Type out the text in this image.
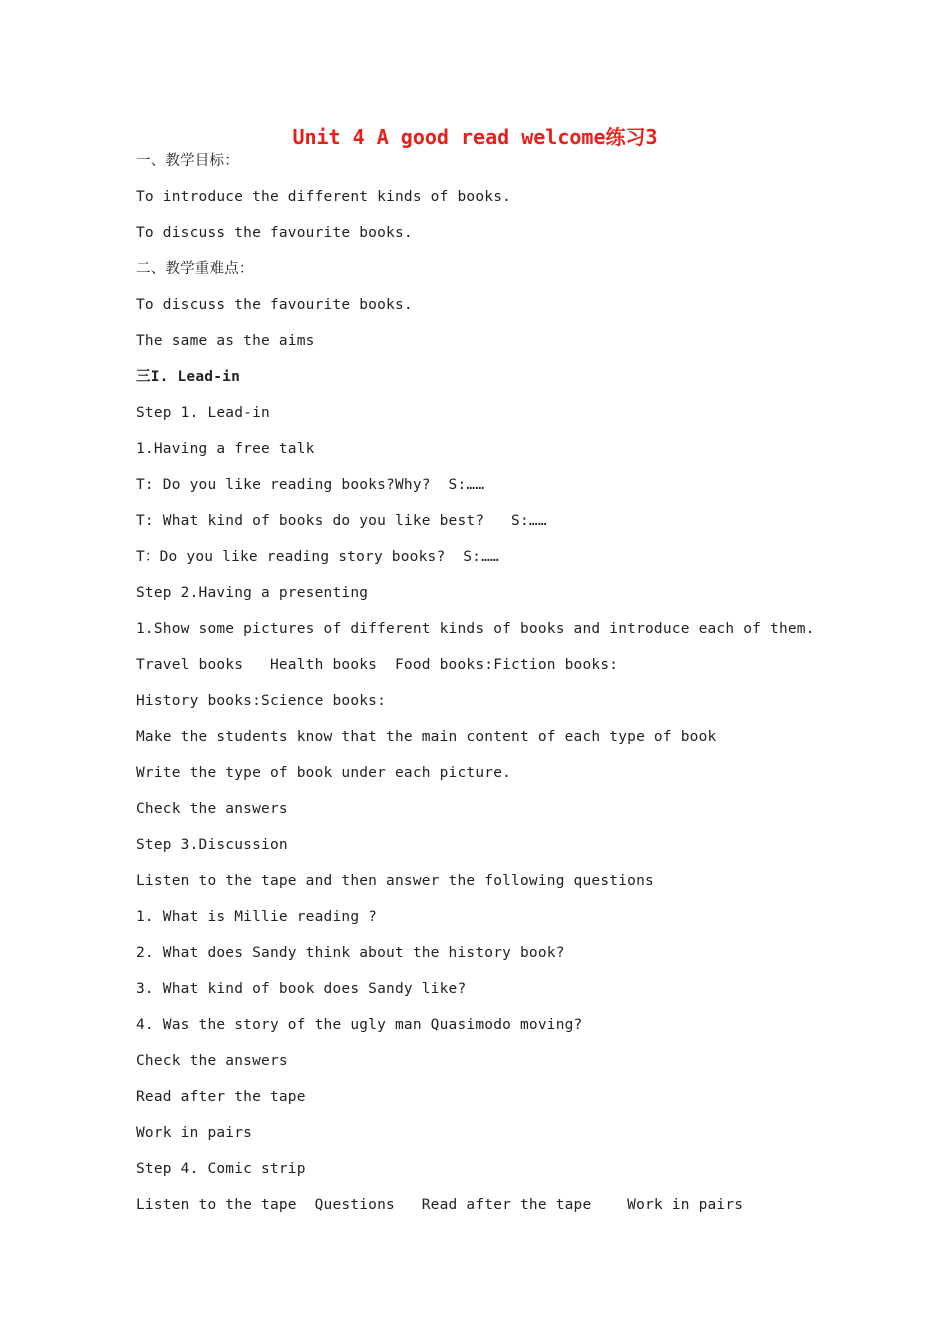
Unit 4 A good read welcome练习3
一、教学目标：
To introduce the different kinds of books.
To discuss the favourite books.
二、教学重难点：
To discuss the favourite books.
The same as the aims
三I. Lead-in
Step 1. Lead-in
1.Having a free talk
T: Do you like reading books?Why?  S:……
T: What kind of books do you like best?   S:……
T：Do you like reading story books?  S:……
Step 2.Having a presenting
1.Show some pictures of different kinds of books and introduce each of them.
Travel books   Health books  Food books:Fiction books:
History books:Science books:
Make the students know that the main content of each type of book
Write the type of book under each picture.
Check the answers
Step 3.Discussion
Listen to the tape and then answer the following questions
1. What is Millie reading ?
2. What does Sandy think about the history book?
3. What kind of book does Sandy like?
4. Was the story of the ugly man Quasimodo moving?
Check the answers
Read after the tape
Work in pairs
Step 4. Comic strip
Listen to the tape  Questions   Read after the tape    Work in pairs
